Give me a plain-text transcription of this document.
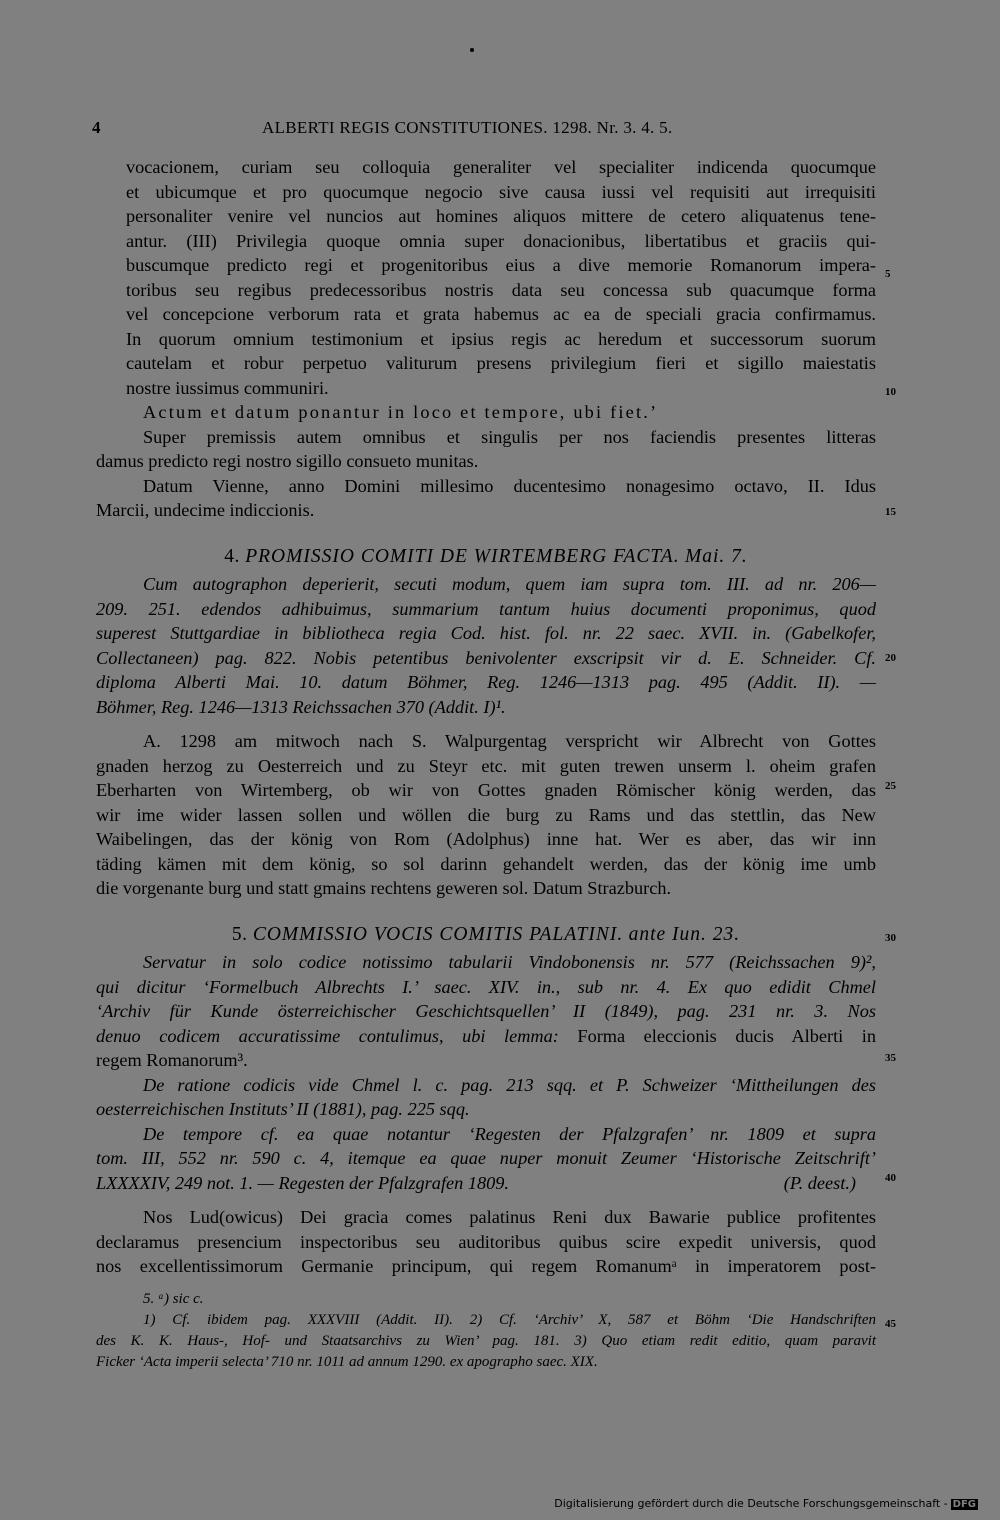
4	ALBERTI REGIS CONSTITUTIONES. 1298. Nr. 3. 4. 5.
5
10
15
20
25
30
35
40
45

vocacionem, curiam seu colloquia generaliter vel specialiter indicenda quocumque
et ubicumque et pro quocumque negocio sive causa iussi vel requisiti aut irrequisiti
personaliter venire vel nuncios aut homines aliquos mittere de cetero aliquatenus tene-
antur. (III) Privilegia quoque omnia super donacionibus, libertatibus et graciis qui-
buscumque predicto regi et progenitoribus eius a dive memorie Romanorum impera-
toribus seu regibus predecessoribus nostris data seu concessa sub quacumque forma
vel concepcione verborum rata et grata habemus ac ea de speciali gracia confirmamus.
In quorum omnium testimonium et ipsius regis ac heredum et successorum suorum
cautelam et robur perpetuo valiturum presens privilegium fieri et sigillo maiestatis
nostre iussimus communiri.

Actum et datum ponantur in loco et tempore, ubi fiet.’

Super premissis autem omnibus et singulis per nos faciendis presentes litteras
damus predicto regi nostro sigillo consueto munitas.

Datum Vienne, anno Domini millesimo ducentesimo nonagesimo octavo, II. Idus
Marcii, undecime indiccionis.

4. PROMISSIO COMITI DE WIRTEMBERG FACTA. Mai. 7.

Cum autographon deperierit, secuti modum, quem iam supra tom. III. ad nr. 206—
209. 251. edendos adhibuimus, summarium tantum huius documenti proponimus, quod
superest Stuttgardiae in bibliotheca regia Cod. hist. fol. nr. 22 saec. XVII. in. (Gabelkofer,
Collectaneen) pag. 822. Nobis petentibus benivolenter exscripsit vir d. E. Schneider. Cf.
diploma Alberti Mai. 10. datum Böhmer, Reg. 1246—1313 pag. 495 (Addit. II). —
Böhmer, Reg. 1246—1313 Reichssachen 370 (Addit. I)¹.

A. 1298 am mitwoch nach S. Walpurgentag verspricht wir Albrecht von Gottes
gnaden herzog zu Oesterreich und zu Steyr etc. mit guten trewen unserm l. oheim grafen
Eberharten von Wirtemberg, ob wir von Gottes gnaden Römischer könig werden, das
wir ime wider lassen sollen und wöllen die burg zu Rams und das stettlin, das New
Waibelingen, das der könig von Rom (Adolphus) inne hat. Wer es aber, das wir inn
täding kämen mit dem könig, so sol darinn gehandelt werden, das der könig ime umb
die vorgenante burg und statt gmains rechtens geweren sol. Datum Strazburch.

5. COMMISSIO VOCIS COMITIS PALATINI. ante Iun. 23.

Servatur in solo codice notissimo tabularii Vindobonensis nr. 577 (Reichssachen 9)²,
qui dicitur ‘Formelbuch Albrechts I.’ saec. XIV. in., sub nr. 4. Ex quo edidit Chmel
‘Archiv für Kunde österreichischer Geschichtsquellen’ II (1849), pag. 231 nr. 3. Nos
denuo codicem accuratissime contulimus, ubi lemma: Forma eleccionis ducis Alberti in
regem Romanorum³.

De ratione codicis vide Chmel l. c. pag. 213 sqq. et P. Schweizer ‘Mittheilungen des
oesterreichischen Instituts’ II (1881), pag. 225 sqq.

De tempore cf. ea quae notantur ‘Regesten der Pfalzgrafen’ nr. 1809 et supra
tom. III, 552 nr. 590 c. 4, itemque ea quae nuper monuit Zeumer ‘Historische Zeitschrift’
LXXXXIV, 249 not. 1. — Regesten der Pfalzgrafen 1809.	(P. deest.)

Nos Lud(owicus) Dei gracia comes palatinus Reni dux Bawarie publice profitentes
declaramus presencium inspectoribus seu auditoribus quibus scire expedit universis, quod
nos excellentissimorum Germanie principum, qui regem Romanumᵃ in imperatorem post-

5. ᵃ) sic c.
1) Cf. ibidem pag. XXXVIII (Addit. II). 2) Cf. ‘Archiv’ X, 587 et Böhm ‘Die Handschriften
des K. K. Haus-, Hof- und Staatsarchivs zu Wien’ pag. 181. 3) Quo etiam redit editio, quam paravit
Ficker ‘Acta imperii selecta’ 710 nr. 1011 ad annum 1290. ex apographo saec. XIX.

Digitalisierung gefördert durch die Deutsche Forschungsgemeinschaft - DFG
